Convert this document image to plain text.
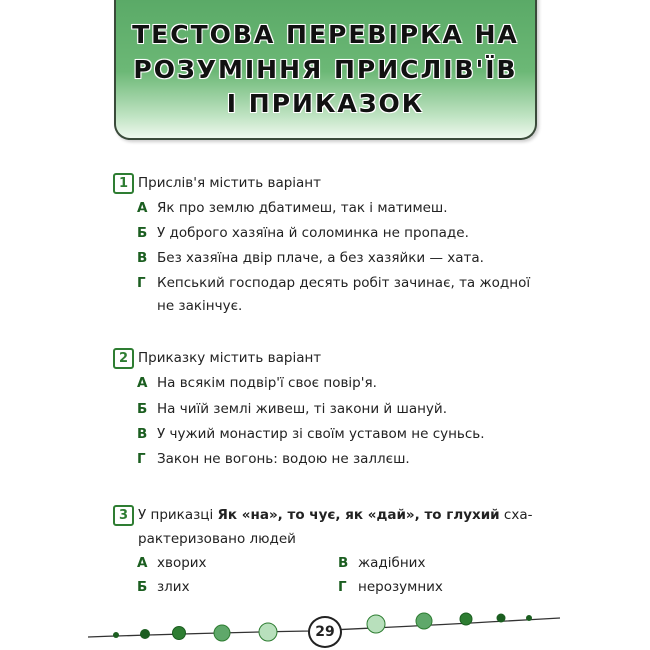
ТЕСТОВА ПЕРЕВІРКА НА
РОЗУМІННЯ ПРИСЛІВ'ЇВ
І ПРИКАЗОК
1 Прислів'я містить варіант
А Як про землю дбатимеш, так і матимеш.
Б У доброго хазяїна й соломинка не пропаде.
В Без хазяїна двір плаче, а без хазяйки — хата.
Г Кепський господар десять робіт зачинає, та жодної
не закінчує.
2 Приказку містить варіант
А На всякім подвір'ї своє повір'я.
Б На чиїй землі живеш, ті закони й шануй.
В У чужий монастир зі своїм уставом не суньсь.
Г Закон не вогонь: водою не заллєш.
3 У приказці Як «на», то чує, як «дай», то глухий сха-
рактеризовано людей
А хворих
Б злих
В жадібних
Г нерозумних
29
